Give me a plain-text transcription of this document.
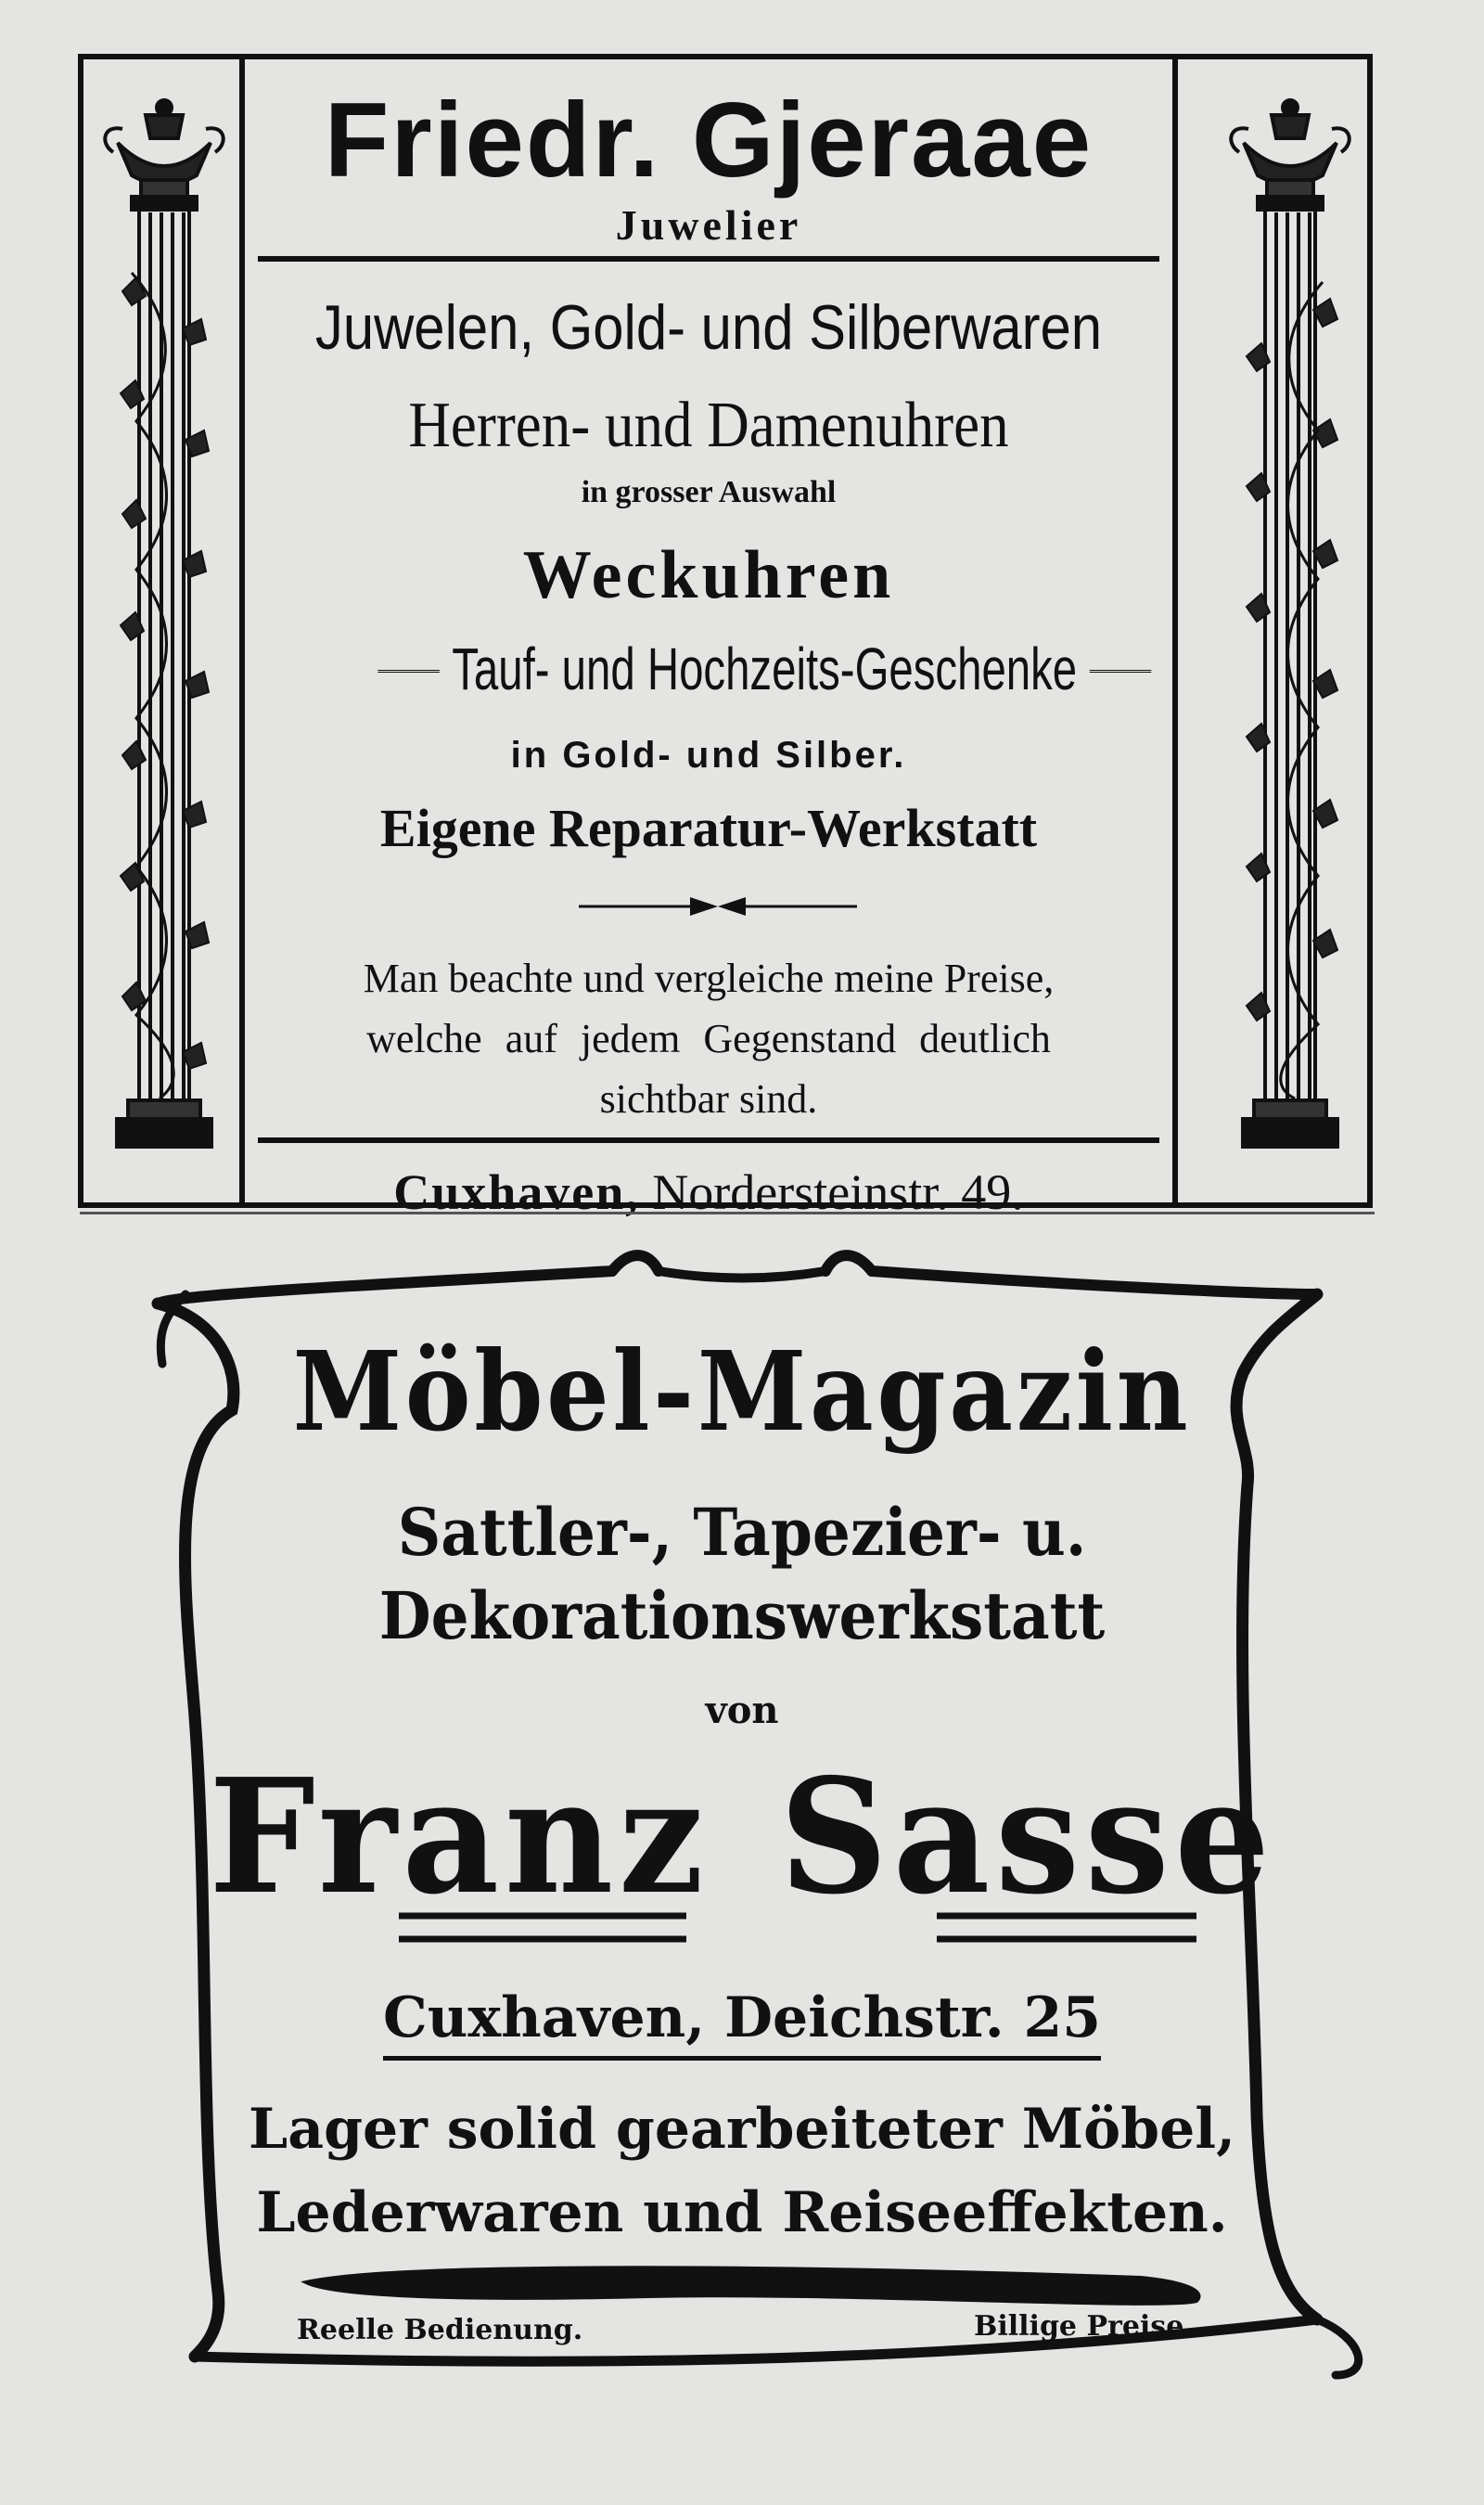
Friedr. Gjeraae
Juwelier
Juwelen, Gold- und Silberwaren
Herren- und Damenuhren
in grosser Auswahl
Weckuhren
Tauf- und Hochzeits-Geschenke
in Gold- und Silber.
Eigene Reparatur-Werkstatt
Man beachte und vergleiche meine Preise,
welche auf jedem Gegenstand deutlich
sichtbar sind.
Cuxhaven, Nordersteinstr. 49.
Möbel-Magazin
Sattler-, Tapezier- u.
Dekorationswerkstatt
von
Franz Sasse
Cuxhaven, Deichstr. 25
Lager solid gearbeiteter Möbel,
Lederwaren und Reiseeffekten.
Reelle Bedienung.	Billige Preise.
